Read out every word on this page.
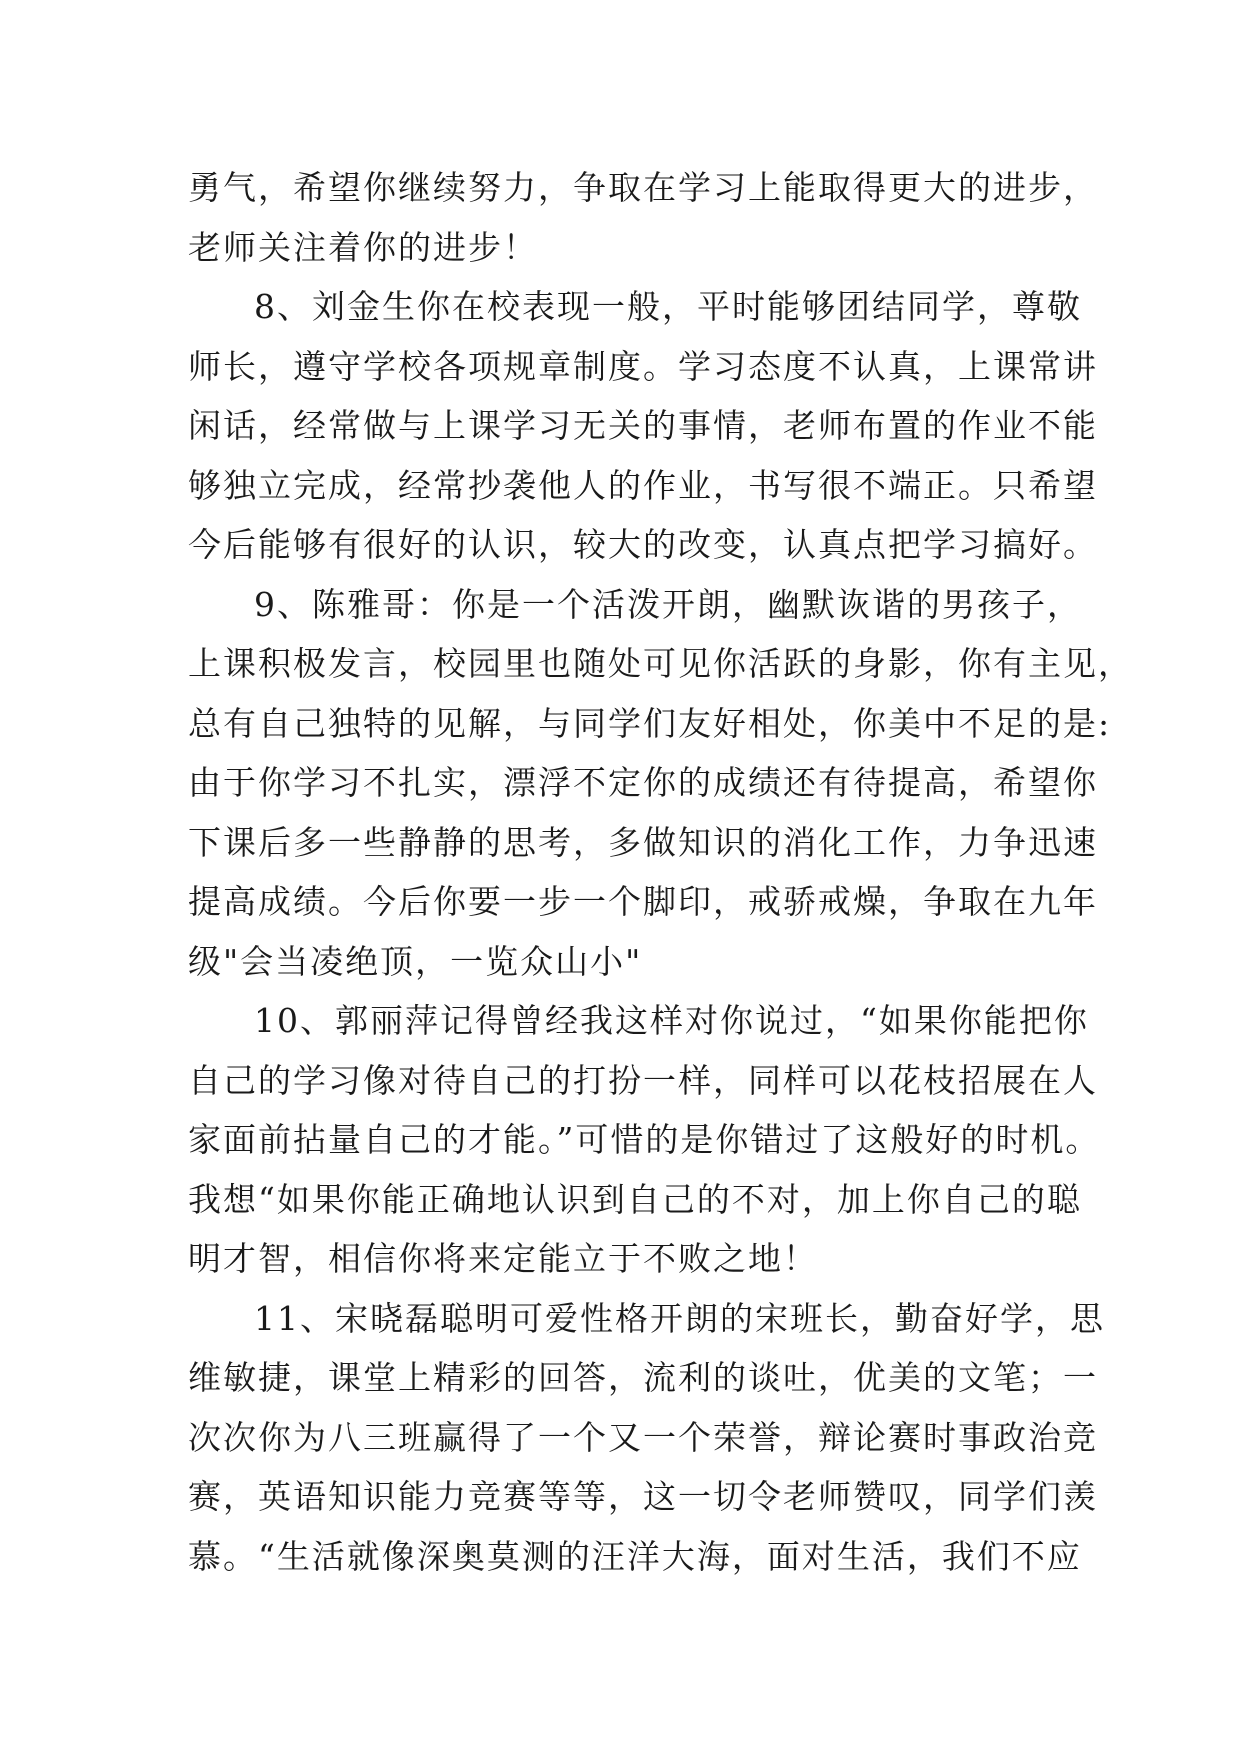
勇气，希望你继续努力，争取在学习上能取得更大的进步，
老师关注着你的进步！
8、刘金生你在校表现一般，平时能够团结同学，尊敬
师长，遵守学校各项规章制度。学习态度不认真，上课常讲
闲话，经常做与上课学习无关的事情，老师布置的作业不能
够独立完成，经常抄袭他人的作业，书写很不端正。只希望
今后能够有很好的认识，较大的改变，认真点把学习搞好。
9、陈雅哥：你是一个活泼开朗，幽默诙谐的男孩子，
上课积极发言，校园里也随处可见你活跃的身影，你有主见，
总有自己独特的见解，与同学们友好相处，你美中不足的是:
由于你学习不扎实，漂浮不定你的成绩还有待提高，希望你
下课后多一些静静的思考，多做知识的消化工作，力争迅速
提高成绩。今后你要一步一个脚印，戒骄戒燥，争取在九年
级"会当凌绝顶，一览众山小"
10、郭丽萍记得曾经我这样对你说过，“如果你能把你
自己的学习像对待自己的打扮一样，同样可以花枝招展在人
家面前拈量自己的才能。”可惜的是你错过了这般好的时机。
我想“如果你能正确地认识到自己的不对，加上你自己的聪
明才智，相信你将来定能立于不败之地！
11、宋晓磊聪明可爱性格开朗的宋班长，勤奋好学，思
维敏捷，课堂上精彩的回答，流利的谈吐，优美的文笔；一
次次你为八三班赢得了一个又一个荣誉，辩论赛时事政治竞
赛，英语知识能力竞赛等等，这一切令老师赞叹，同学们羡
慕。“生活就像深奥莫测的汪洋大海，面对生活，我们不应
